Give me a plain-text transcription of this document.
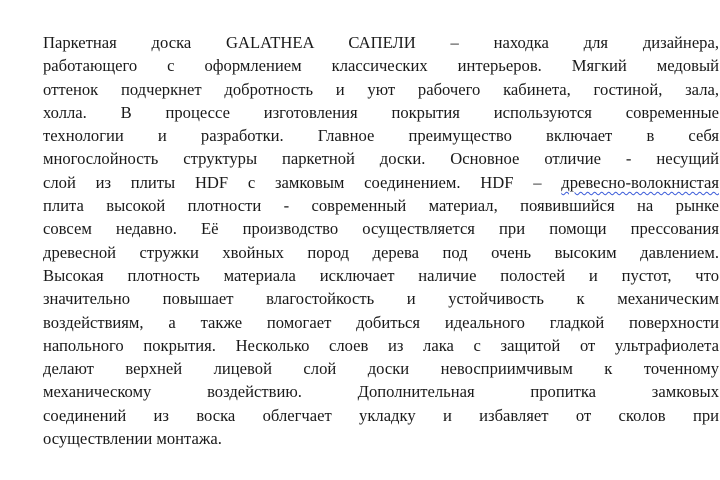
Паркетная доска GALATHEA САПЕЛИ – находка для дизайнера,
работающего с оформлением классических интерьеров. Мягкий медовый
оттенок подчеркнет добротность и уют рабочего кабинета, гостиной, зала,
холла. В процессе изготовления покрытия используются современные
технологии и разработки. Главное преимущество включает в себя
многослойность структуры паркетной доски. Основное отличие - несущий
слой из плиты HDF с замковым соединением. HDF – древесно-волокнистая
плита высокой плотности - современный материал, появившийся на рынке
совсем недавно. Её производство осуществляется при помощи прессования
древесной стружки хвойных пород дерева под очень высоким давлением.
Высокая плотность материала исключает наличие полостей и пустот, что
значительно повышает влагостойкость и устойчивость к механическим
воздействиям, а также помогает добиться идеального гладкой поверхности
напольного покрытия. Несколько слоев из лака с защитой от ультрафиолета
делают верхней лицевой слой доски невосприимчивым к точенному
механическому воздействию. Дополнительная пропитка замковых
соединений из воска облегчает укладку и избавляет от сколов при
осуществлении монтажа.
